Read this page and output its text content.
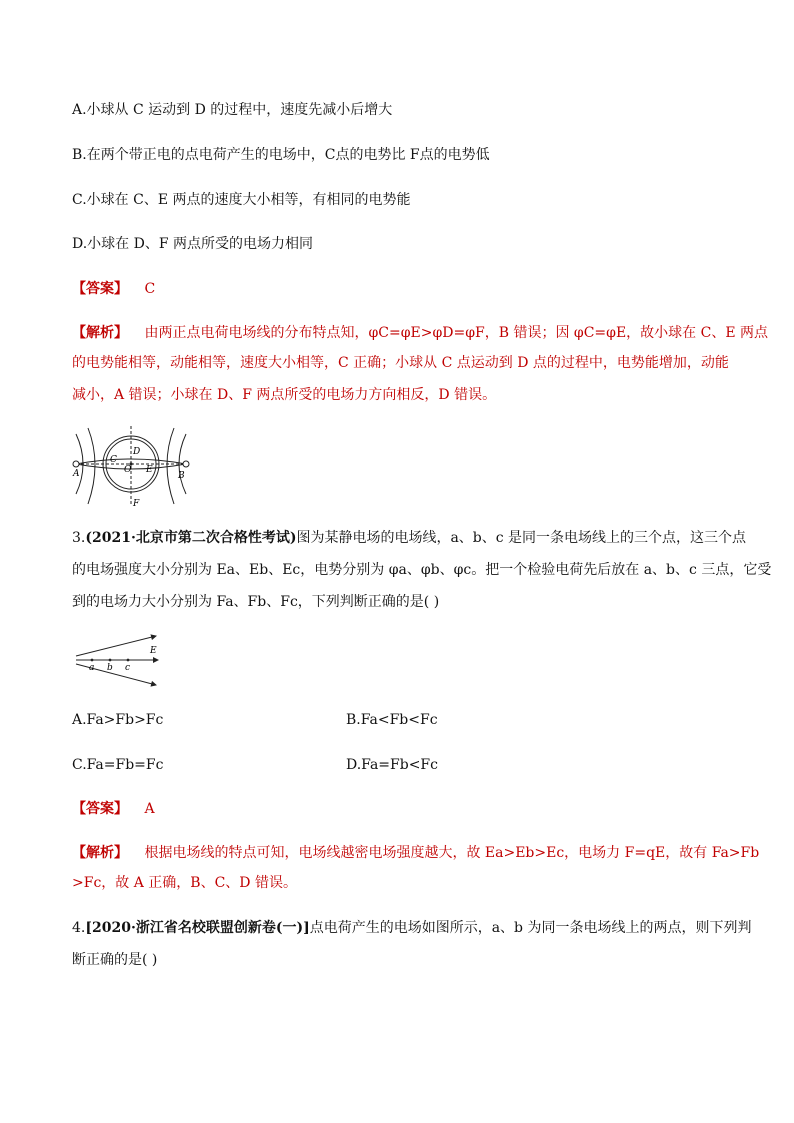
A.小球从 C 运动到 D 的过程中，速度先减小后增大
B.在两个带正电的点电荷产生的电场中，C点的电势比 F点的电势低
C.小球在 C、E 两点的速度大小相等，有相同的电势能
D.小球在 D、F 两点所受的电场力相同
【答案】 C
【解析】 由两正点电荷电场线的分布特点知，φC=φE>φD=φF，B 错误；因 φC=φE，故小球在 C、E 两点
的电势能相等，动能相等，速度大小相等，C 正确；小球从 C 点运动到 D 点的过程中，电势能增加，动能
减小，A 错误；小球在 D、F 两点所受的电场力方向相反，D 错误。
A	B
C
D
E
F
O
3.(2021·北京市第二次合格性考试)图为某静电场的电场线，a、b、c 是同一条电场线上的三个点，这三个点
的电场强度大小分别为 Ea、Eb、Ec，电势分别为 φa、φb、φc。把一个检验电荷先后放在 a、b、c 三点，它受
到的电场力大小分别为 Fa、Fb、Fc，下列判断正确的是( )
E
a b c
A.Fa>Fb>Fc	B.Fa<Fb<Fc
C.Fa=Fb=Fc	D.Fa=Fb<Fc
【答案】 A
【解析】 根据电场线的特点可知，电场线越密电场强度越大，故 Ea>Eb>Ec，电场力 F=qE，故有 Fa>Fb
>Fc，故 A 正确，B、C、D 错误。
4.[2020·浙江省名校联盟创新卷(一)]点电荷产生的电场如图所示，a、b 为同一条电场线上的两点，则下列判
断正确的是( )
